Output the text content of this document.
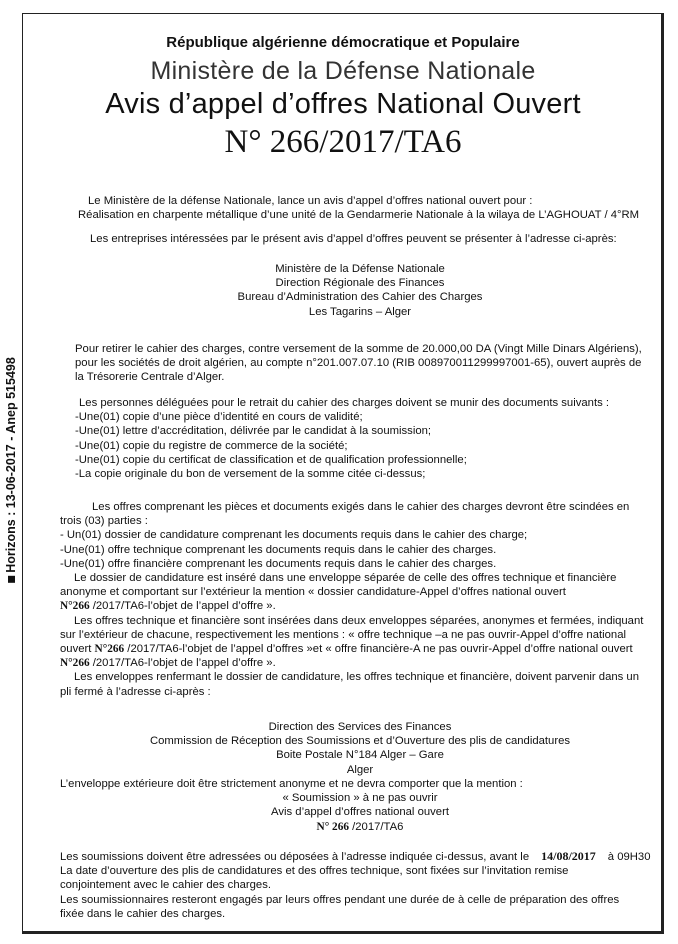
Horizons : 13-06-2017 - Anep 515498
République algérienne démocratique et Populaire
Ministère de la Défense Nationale
Avis d’appel d’offres National Ouvert
N° 266/2017/TA6
Le Ministère de la défense Nationale, lance un avis d’appel d’offres national ouvert pour :
Réalisation en charpente métallique d’une unité de la Gendarmerie Nationale à la wilaya de L’AGHOUAT / 4°RM
Les entreprises intéressées par le présent avis d’appel d’offres peuvent se présenter à l’adresse ci-après:
Ministère de la Défense Nationale
Direction Régionale des Finances
Bureau d’Administration des Cahier des Charges
Les Tagarins – Alger
Pour retirer le cahier des charges, contre versement de la somme de 20.000,00 DA (Vingt Mille Dinars Algériens),
pour les sociétés de droit algérien, au compte n°201.007.07.10 (RIB 008970011299997001-65), ouvert auprès de
la Trésorerie Centrale d’Alger.
Les personnes déléguées pour le retrait du cahier des charges doivent se munir des documents suivants :
-Une(01) copie d’une pièce d’identité en cours de validité;
-Une(01) lettre d’accréditation, délivrée par le candidat à la soumission;
-Une(01) copie du registre de commerce de la société;
-Une(01) copie du certificat de classification et de qualification professionnelle;
-La copie originale du bon de versement de la somme citée ci-dessus;
Les offres comprenant les pièces et documents exigés dans le cahier des charges devront être scindées en
trois (03) parties :
- Un(01) dossier de candidature comprenant les documents requis dans le cahier des charge;
-Une(01) offre technique comprenant les documents requis dans le cahier des charges.
-Une(01) offre financière comprenant les documents requis dans le cahier des charges.
Le dossier de candidature est inséré dans une enveloppe séparée de celle des offres technique et financière
anonyme et comportant sur l’extérieur la mention « dossier candidature-Appel d’offres national ouvert
N°266 /2017/TA6-l’objet de l’appel d’offre ».
Les offres technique et financière sont insérées dans deux enveloppes séparées, anonymes et fermées, indiquant
sur l’extérieur de chacune, respectivement les mentions : « offre technique –a ne pas ouvrir-Appel d’offre national
ouvert N°266 /2017/TA6-l’objet de l’appel d’offres »et « offre financière-A ne pas ouvrir-Appel d’offre national ouvert
N°266 /2017/TA6-l’objet de l’appel d’offre ».
Les enveloppes renfermant le dossier de candidature, les offres technique et financière, doivent parvenir dans un
pli fermé à l’adresse ci-après :
Direction des Services des Finances
Commission de Réception des Soumissions et d’Ouverture des plis de candidatures
Boite Postale N°184 Alger – Gare
Alger
L’enveloppe extérieure doit être strictement anonyme et ne devra comporter que la mention :
« Soumission » à ne pas ouvrir
Avis d’appel d’offres national ouvert
N° 266 /2017/TA6
Les soumissions doivent être adressées ou déposées à l’adresse indiquée ci-dessus, avant le 14/08/2017 à 09H30
La date d’ouverture des plis de candidatures et des offres technique, sont fixées sur l’invitation remise
conjointement avec le cahier des charges.
Les soumissionnaires resteront engagés par leurs offres pendant une durée de à celle de préparation des offres
fixée dans le cahier des charges.
